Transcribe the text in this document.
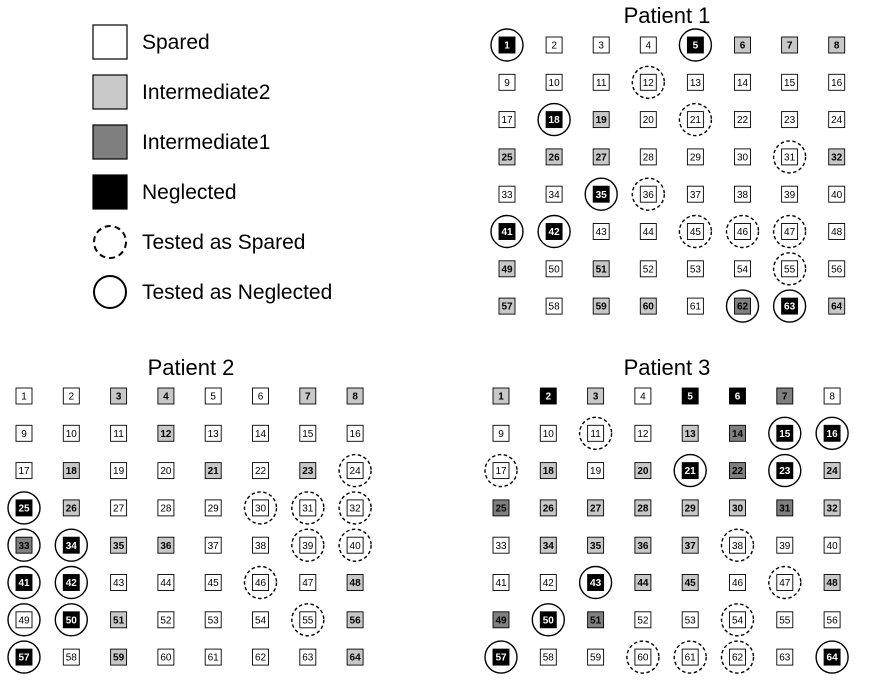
Spared
Intermediate2
Intermediate1
Neglected
Tested as Spared
Tested as Neglected
Patient 1
1	2	3	4	5	6	7	8
9	10	11	12	13	14	15	16
17	18	19	20	21	22	23	24
25	26	27	28	29	30	31	32
33	34	35	36	37	38	39	40
41	42	43	44	45	46	47	48
49	50	51	52	53	54	55	56
57	58	59	60	61	62	63	64
Patient 2
1	2	3	4	5	6	7	8
9	10	11	12	13	14	15	16
17	18	19	20	21	22	23	24
25	26	27	28	29	30	31	32
33	34	35	36	37	38	39	40
41	42	43	44	45	46	47	48
49	50	51	52	53	54	55	56
57	58	59	60	61	62	63	64
Patient 3
1	2	3	4	5	6	7	8
9	10	11	12	13	14	15	16
17	18	19	20	21	22	23	24
25	26	27	28	29	30	31	32
33	34	35	36	37	38	39	40
41	42	43	44	45	46	47	48
49	50	51	52	53	54	55	56
57	58	59	60	61	62	63	64
